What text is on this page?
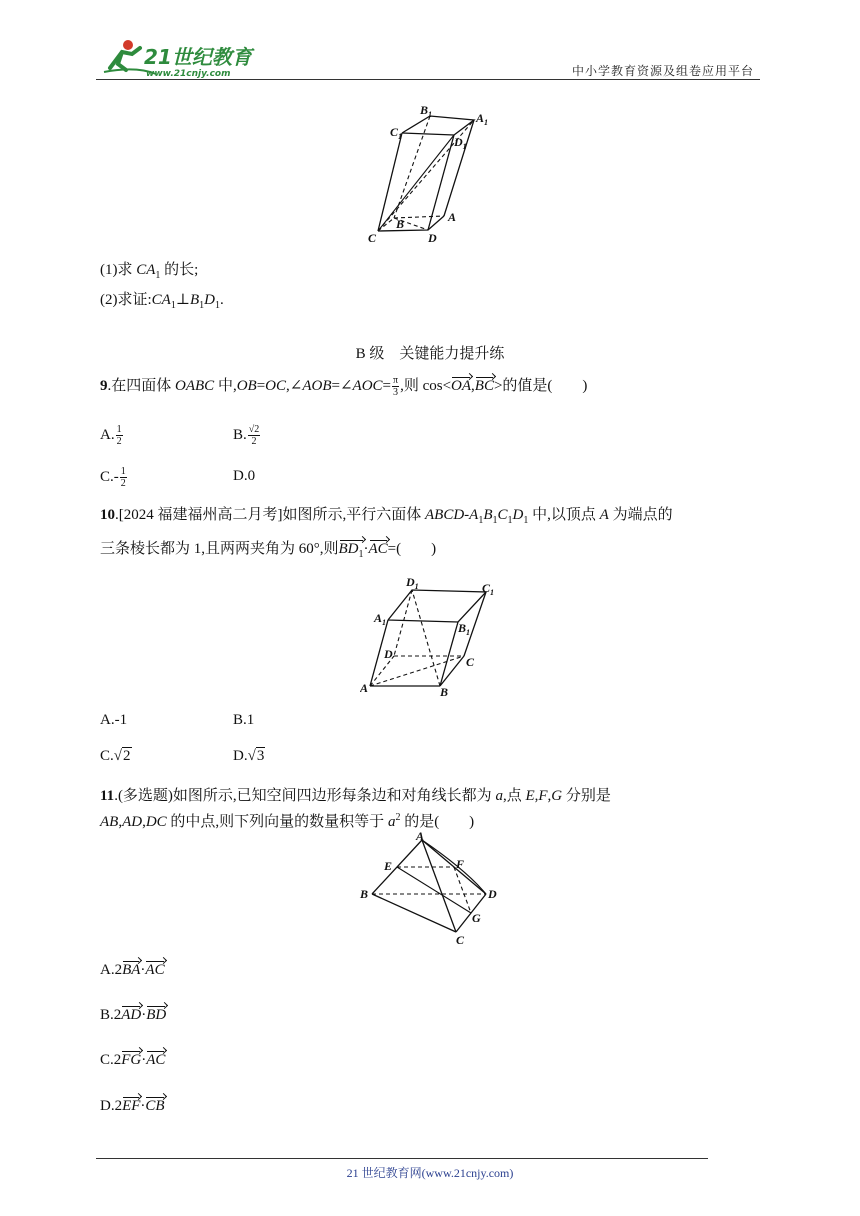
21世纪教育
www.21cnjy.com	中小学教育资源及组卷应用平台
$B_1$	$A_1$
$C_1$	$D_1$
A
B
C	D
(1)求 $CA_1$ 的长;
(2)求证$:CA_1\perp B_1D_1$.
B 级　关键能力提升练
9.在四面体 OABC 中,OB=OC,∠AOB=∠AOC= $\frac{\pi}{3}$ ,则 cos<OA,BC>的值是(　　)
A. $\frac{1}{2}$	B. $\frac{√2}{2}$
$C.- \frac{1}{2}$	D.0
10.[2024 福建福州高二月考]如图所示,平行六面体 ABCD-$A_1B_1C_1D_1$ 中,以顶点 A 为端点的
三条棱长都为 1,且两两夹角为 60°,则$BD_1\cdot AC=$(　　)
$D_1$	$C_1$
$A_1$	$B_1$
D
C
A	B
A.-1	B.1
C.√2	D.√3
11.(多选题)如图所示,已知空间四边形每条边和对角线长都为 a,点 E,F,G 分别是
AB,AD,DC 的中点,则下列向量的数量积等于 $a^2$ 的是(　　)
A
E	F
B	D
G
C
A.2BA·AC
B.2AD·BD
C.2FG·AC
D.2EF·CB
21 世纪教育网(www.21cnjy.com)
